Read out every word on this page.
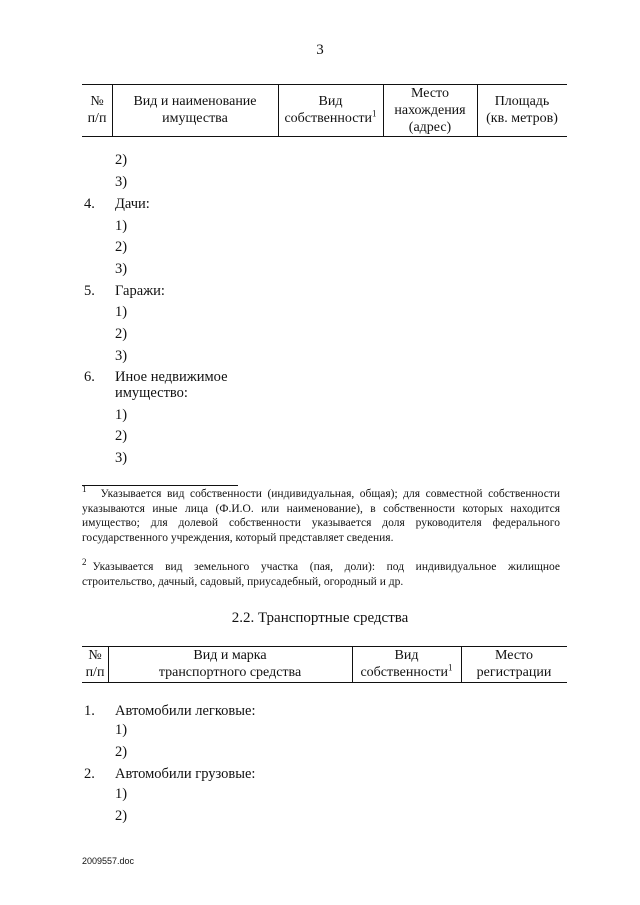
3
№
п/п

Вид и наименование
имущества

Вид
собственности$^1$

Место
нахождения
(адрес)

Площадь
(кв. метров)
2)
3)
4. Дачи:
1)
2)
3)
5. Гаражи:
1)
2)
3)
6. Иное недвижимое
имущество:
1)
2)
3)
$^1$ Указывается вид собственности (индивидуальная, общая); для совместной собственности указываются иные лица (Ф.И.О. или наименование), в собственности которых находится имущество; для долевой собственности указывается доля руководителя федерального государственного учреждения, который представляет сведения.
$^2$ Указывается вид земельного участка (пая, доли): под индивидуальное жилищное строительство, дачный, садовый, приусадебный, огородный и др.
2.2. Транспортные средства
№
п/п

Вид и марка
транспортного средства

Вид
собственности$^1$

Место
регистрации
1. Автомобили легковые:
1)
2)
2. Автомобили грузовые:
1)
2)
2009557.doc
